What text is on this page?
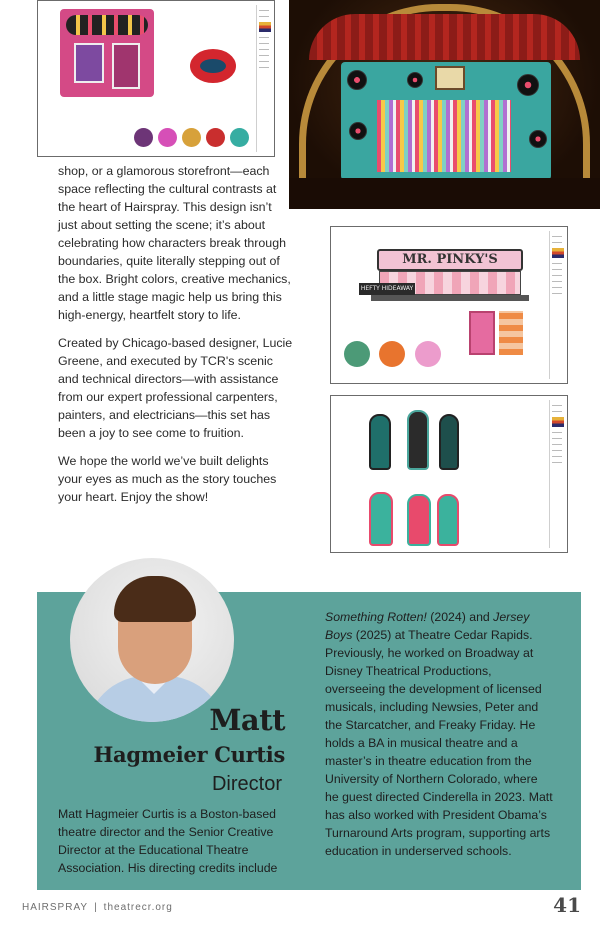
shop, or a glamorous storefront—each space reflecting the cultural contrasts at the heart of Hairspray. This design isn’t just about setting the scene; it’s about celebrating how characters break through boundaries, quite literally stepping out of the box. Bright colors, creative mechanics, and a little stage magic help us bring this high-energy, heartfelt story to life.

Created by Chicago-based designer, Lucie Greene, and executed by TCR's scenic and technical directors—with assistance from our expert professional carpenters, painters, and electricians—this set has been a joy to see come to fruition.

We hope the world we’ve built delights your eyes as much as the story touches your heart. Enjoy the show!

MR. PINKY'S
HEFTY HIDEAWAY
Matt
Hagmeier Curtis
Director
Matt Hagmeier Curtis is a Boston-based theatre director and the Senior Creative Director at the Educational Theatre Association. His directing credits include
Something Rotten! (2024) and Jersey Boys (2025) at Theatre Cedar Rapids. Previously, he worked on Broadway at Disney Theatrical Productions, overseeing the development of licensed musicals, including Newsies, Peter and the Starcatcher, and Freaky Friday. He holds a BA in musical theatre and a master’s in theatre education from the University of Northern Colorado, where he guest directed Cinderella in 2023. Matt has also worked with President Obama’s Turnaround Arts program, supporting arts education in underserved schools.
HAIRSPRAY | theatrecr.org	41
